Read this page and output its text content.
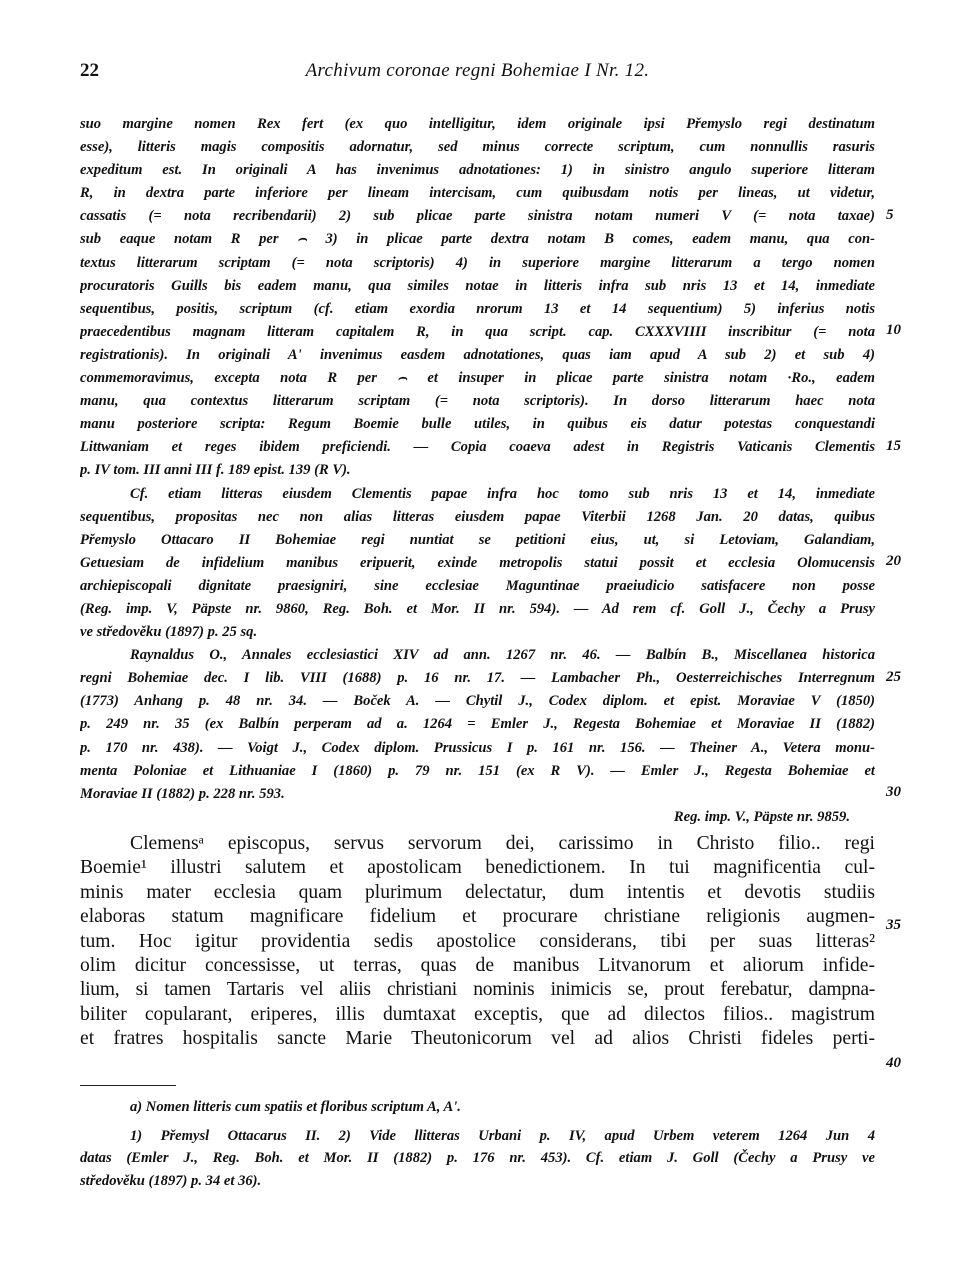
22	Archivum coronae regni Bohemiae I Nr. 12.
suo margine nomen Rex fert (ex quo intelligitur, idem originale ipsi Přemyslo regi destinatum
esse), litteris magis compositis adornatur, sed minus correcte scriptum, cum nonnullis rasuris
expeditum est. In originali A has invenimus adnotationes: 1) in sinistro angulo superiore litteram
R, in dextra parte inferiore per lineam intercisam, cum quibusdam notis per lineas, ut videtur,
cassatis (= nota recribendarii) 2) sub plicae parte sinistra notam numeri V (= nota taxae)
sub eaque notam R per ⌢ 3) in plicae parte dextra notam B comes, eadem manu, qua con-
textus litterarum scriptam (= nota scriptoris) 4) in superiore margine litterarum a tergo nomen
procuratoris Guills bis eadem manu, qua similes notae in litteris infra sub nris 13 et 14, inmediate
sequentibus, positis, scriptum (cf. etiam exordia nrorum 13 et 14 sequentium) 5) inferius notis
praecedentibus magnam litteram capitalem R, in qua script. cap. CXXXVIIII inscribitur (= nota
registrationis). In originali A' invenimus easdem adnotationes, quas iam apud A sub 2) et sub 4)
commemoravimus, excepta nota R per ⌢ et insuper in plicae parte sinistra notam ·Ro., eadem
manu, qua contextus litterarum scriptam (= nota scriptoris). In dorso litterarum haec nota
manu posteriore scripta: Regum Boemie bulle utiles, in quibus eis datur potestas conquestandi
Littwaniam et reges ibidem preficiendi. — Copia coaeva adest in Registris Vaticanis Clementis
p. IV tom. III anni III f. 189 epist. 139 (R V).
Cf. etiam litteras eiusdem Clementis papae infra hoc tomo sub nris 13 et 14, inmediate
sequentibus, propositas nec non alias litteras eiusdem papae Viterbii 1268 Jan. 20 datas, quibus
Přemyslo Ottacaro II Bohemiae regi nuntiat se petitioni eius, ut, si Letoviam, Galandiam,
Getuesiam de infidelium manibus eripuerit, exinde metropolis statui possit et ecclesia Olomucensis
archiepiscopali dignitate praesigniri, sine ecclesiae Maguntinae praeiudicio satisfacere non posse
(Reg. imp. V, Päpste nr. 9860, Reg. Boh. et Mor. II nr. 594). — Ad rem cf. Goll J., Čechy a Prusy
ve středověku (1897) p. 25 sq.
Raynaldus O., Annales ecclesiastici XIV ad ann. 1267 nr. 46. — Balbín B., Miscellanea historica
regni Bohemiae dec. I lib. VIII (1688) p. 16 nr. 17. — Lambacher Ph., Oesterreichisches Interregnum
(1773) Anhang p. 48 nr. 34. — Boček A. — Chytil J., Codex diplom. et epist. Moraviae V (1850)
p. 249 nr. 35 (ex Balbín perperam ad a. 1264 = Emler J., Regesta Bohemiae et Moraviae II (1882)
p. 170 nr. 438). — Voigt J., Codex diplom. Prussicus I p. 161 nr. 156. — Theiner A., Vetera monu-
menta Poloniae et Lithuaniae I (1860) p. 79 nr. 151 (ex R V). — Emler J., Regesta Bohemiae et
Moraviae II (1882) p. 228 nr. 593.
Reg. imp. V., Päpste nr. 9859.
Clemensᵃ episcopus, servus servorum dei, carissimo in Christo filio.. regi
Boemie¹ illustri salutem et apostolicam benedictionem. In tui magnificentia cul-
minis mater ecclesia quam plurimum delectatur, dum intentis et devotis studiis
elaboras statum magnificare fidelium et procurare christiane religionis augmen-
tum. Hoc igitur providentia sedis apostolice considerans, tibi per suas litteras²
olim dicitur concessisse, ut terras, quas de manibus Litvanorum et aliorum infide-
lium, si tamen Tartaris vel aliis christiani nominis inimicis se, prout ferebatur, dampna-
biliter copularant, eriperes, illis dumtaxat exceptis, que ad dilectos filios.. magistrum
et fratres hospitalis sancte Marie Theutonicorum vel ad alios Christi fideles perti-
5
10
15
20
25
30
35
40
a) Nomen litteris cum spatiis et floribus scriptum A, A'.
1) Přemysl Ottacarus II. 2) Vide llitteras Urbani p. IV, apud Urbem veterem 1264 Jun 4
datas (Emler J., Reg. Boh. et Mor. II (1882) p. 176 nr. 453). Cf. etiam J. Goll (Čechy a Prusy ve
středověku (1897) p. 34 et 36).
